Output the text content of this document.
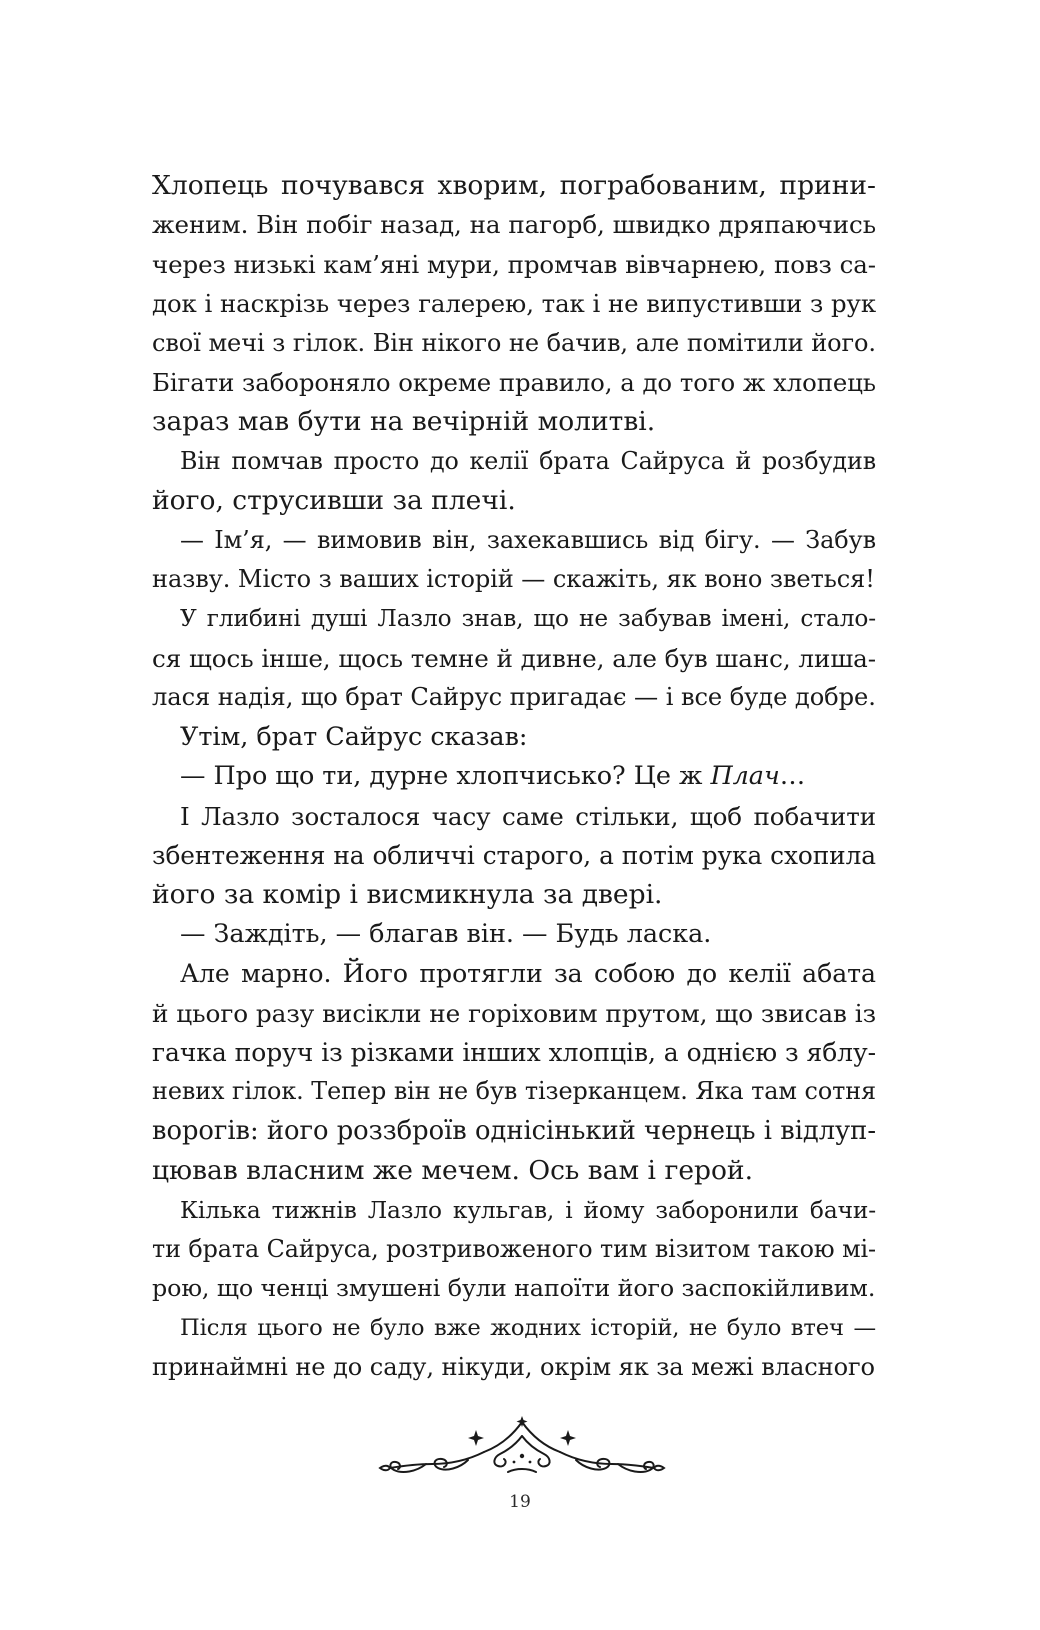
Хлопець почувався хворим, пограбованим, прини-
женим. Він побіг назад, на пагорб, швидко дряпаючись
через низькі кам’яні мури, промчав вівчарнею, повз са-
док і наскрізь через галерею, так і не випустивши з рук
свої мечі з гілок. Він нікого не бачив, але помітили його.
Бігати забороняло окреме правило, а до того ж хлопець
зараз мав бути на вечірній молитві.

Він помчав просто до келії брата Сайруса й розбудив
його, струсивши за плечі.

— Ім’я, — вимовив він, захекавшись від бігу. — Забув
назву. Місто з ваших історій — скажіть, як воно зветься!

У глибині душі Лазло знав, що не забував імені, стало-
ся щось інше, щось темне й дивне, але був шанс, лиша-
лася надія, що брат Сайрус пригадає — і все буде добре.

Утім, брат Сайрус сказав:

— Про що ти, дурне хлопчисько? Це ж Плач…

І Лазло зосталося часу саме стільки, щоб побачити
збентеження на обличчі старого, а потім рука схопила
його за комір і висмикнула за двері.

— Заждіть, — благав він. — Будь ласка.

Але марно. Його протягли за собою до келії абата
й цього разу висікли не горіховим прутом, що звисав із
гачка поруч із різками інших хлопців, а однією з яблу-
невих гілок. Тепер він не був тізерканцем. Яка там сотня
ворогів: його роззброїв однісінький чернець і відлуп-
цював власним же мечем. Ось вам і герой.

Кілька тижнів Лазло кульгав, і йому заборонили бачи-
ти брата Сайруса, розтривоженого тим візитом такою мі-
рою, що ченці змушені були напоїти його заспокійливим.

Після цього не було вже жодних історій, не було втеч —
принаймні не до саду, нікуди, окрім як за межі власного

19
